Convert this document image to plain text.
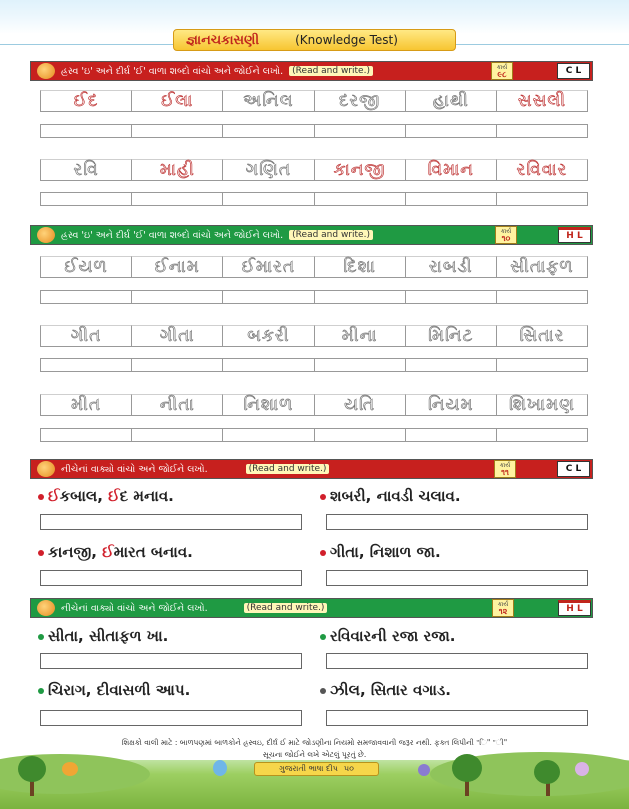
જ્ઞાનચકાસણી	(Knowledge Test)
હ્રસ્વ 'ઇ' અને દીર્ઘ 'ઈ' વાળા શબ્દો વાંચો અને જોઈને લખો.	(Read and write.)	કાર્ય
૯૮	C L
ઈદ	ઈલા	અનિલ	દરજી	હાથી	સસલી
રવિ	માહી	ગણિત	કાનજી	વિમાન	રવિવાર
હ્રસ્વ 'ઇ' અને દીર્ઘ 'ઈ' વાળા શબ્દો વાંચો અને જોઈને લખો.	(Read and write.)	કાર્ય
૧૦	H L
ઈયળ	ઈનામ	ઈમારત	દિશા	રાબડી	સીતાફળ
ગીત	ગીતા	બકરી	મીના	મિનિટ	સિતાર
મીત	નીતા	નિશાળ	યતિ	નિયમ	શિખામણ
નીચેનાં વાક્યો વાંચો અને જોઈને લખો.	(Read and write.)	કાર્ય
૧૧	C L
ઈકબાલ, ઈદ મનાવ.	શબરી, નાવડી ચલાવ.
કાનજી, ઈમારત બનાવ.	ગીતા, નિશાળ જા.
નીચેનાં વાક્યો વાંચો અને જોઈને લખો.	(Read and write.)	કાર્ય
૧૨	H L
સીતા, સીતાફળ ખા.	રવિવારની રજા રજા.
ચિરાગ, દીવાસળી આપ.	ઝીલ, સિતાર વગાડ.
શિક્ષકો વાલી માટે : બાળપણમાં બાળકોને હ્રસ્વઇ, દીર્ઘ ઈ માટે જોડણીના નિયમો સમજાવવાની જરૂર નથી. ફક્ત લિપીની "િ" "ી"
સૂચના જોઈને લખે એટલું પૂરતું છે.
ગુજરાતી ભાષા દીપ ૫૦
